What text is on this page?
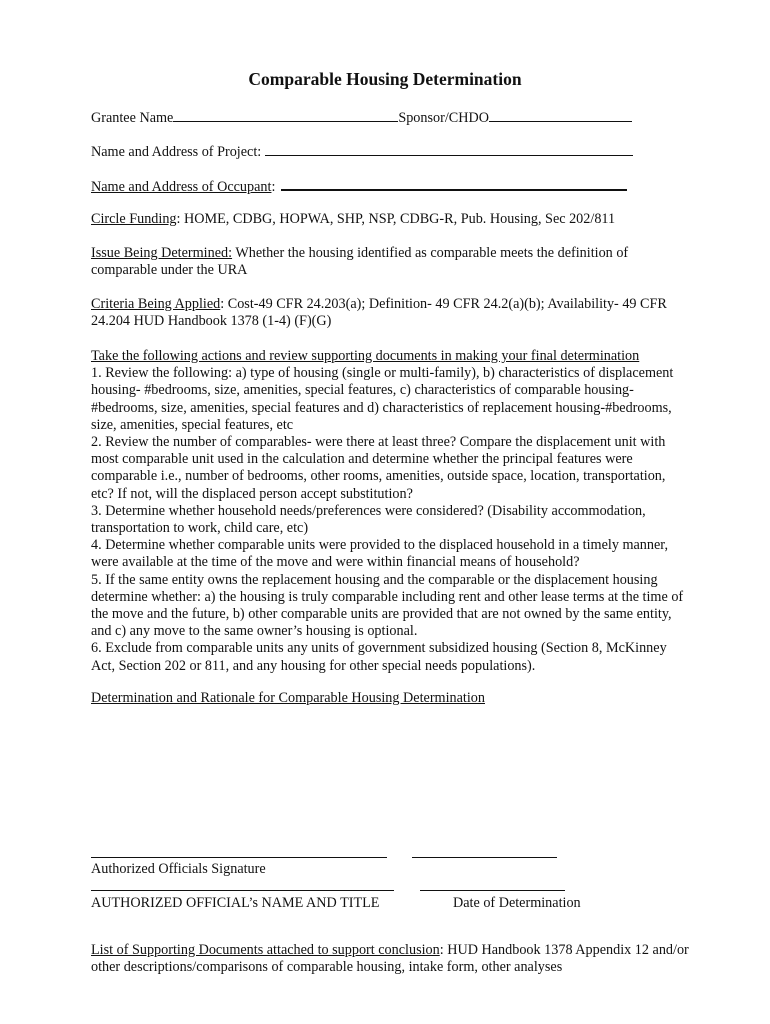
Comparable Housing Determination
Grantee Name	Sponsor/CHDO
Name and Address of Project:
Name and Address of Occupant:
Circle Funding: HOME, CDBG, HOPWA, SHP, NSP, CDBG-R, Pub. Housing, Sec 202/811

Issue Being Determined: Whether the housing identified as comparable meets the definition of comparable under the URA

Criteria Being Applied: Cost-49 CFR 24.203(a); Definition- 49 CFR 24.2(a)(b); Availability- 49 CFR 24.204 HUD Handbook 1378 (1-4) (F)(G)

Take the following actions and review supporting documents in making your final determination

1. Review the following: a) type of housing (single or multi-family), b) characteristics of displacement housing- #bedrooms, size, amenities, special features, c) characteristics of comparable housing-#bedrooms, size, amenities, special features and d) characteristics of replacement housing-#bedrooms, size, amenities, special features, etc

2. Review the number of comparables- were there at least three? Compare the displacement unit with most comparable unit used in the calculation and determine whether the principal features were comparable i.e., number of bedrooms, other rooms, amenities, outside space, location, transportation, etc? If not, will the displaced person accept substitution?

3. Determine whether household needs/preferences were considered? (Disability accommodation, transportation to work, child care, etc)

4. Determine whether comparable units were provided to the displaced household in a timely manner, were available at the time of the move and were within financial means of household?

5. If the same entity owns the replacement housing and the comparable or the displacement housing determine whether: a) the housing is truly comparable including rent and other lease terms at the time of the move and the future, b) other comparable units are provided that are not owned by the same entity, and c) any move to the same owner’s housing is optional.

6. Exclude from comparable units any units of government subsidized housing (Section 8, McKinney Act, Section 202 or 811, and any housing for other special needs populations).

Determination and Rationale for Comparable Housing Determination
Authorized Officials Signature
AUTHORIZED OFFICIAL’s NAME AND TITLE	Date of Determination

List of Supporting Documents attached to support conclusion: HUD Handbook 1378 Appendix 12 and/or other descriptions/comparisons of comparable housing, intake form, other analyses
